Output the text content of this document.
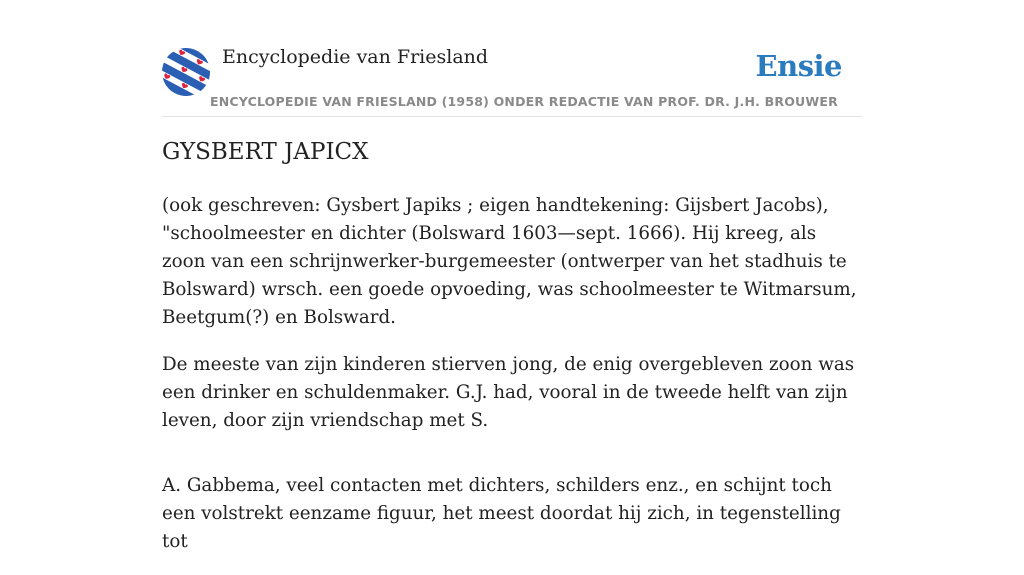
Encyclopedie van Friesland	Ensie
ENCYCLOPEDIE VAN FRIESLAND (1958) ONDER REDACTIE VAN PROF. DR. J.H. BROUWER
GYSBERT JAPICX

(ook geschreven: Gysbert Japiks ; eigen handtekening: Gijsbert Jacobs), "schoolmeester en dichter (Bolsward 1603—sept. 1666). Hij kreeg, als zoon van een schrijnwerker-burgemeester (ontwerper van het stadhuis te Bolsward) wrsch. een goede opvoeding, was schoolmeester te Witmarsum, Beetgum(?) en Bolsward.

De meeste van zijn kinderen stierven jong, de enig overgebleven zoon was een drinker en schuldenmaker. G.J. had, vooral in de tweede helft van zijn leven, door zijn vriendschap met S.

A. Gabbema, veel contacten met dichters, schilders enz., en schijnt toch een volstrekt eenzame figuur, het meest doordat hij zich, in tegenstelling tot
